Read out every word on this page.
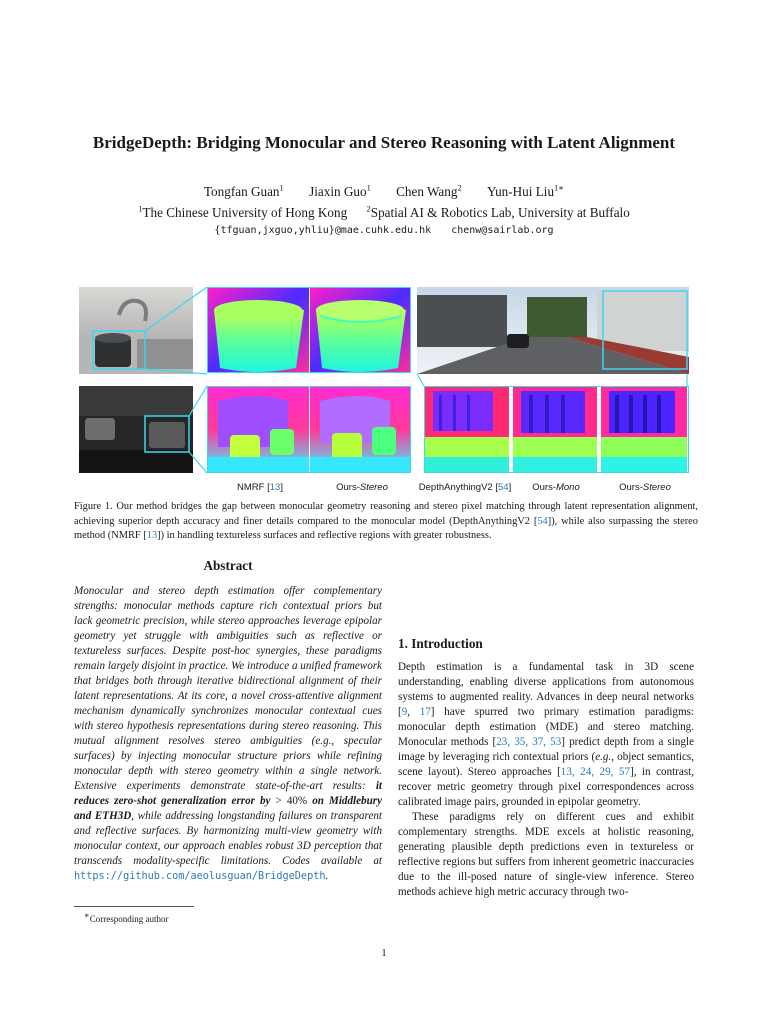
BridgeDepth: Bridging Monocular and Stereo Reasoning with Latent Alignment
Tongfan Guan$^1$ Jiaxin Guo$^1$ Chen Wang$^2$ Yun-Hui Liu$^{1∗}$
$^1$The Chinese University of Hong Kong $^2$Spatial AI & Robotics Lab, University at Buffalo
{tfguan,jxguo,yhliu}@mae.cuhk.edu.hk chenw@sairlab.org
NMRF [13]	Ours-Stereo	DepthAnythingV2 [54]	Ours-Mono	Ours-Stereo
Figure 1. Our method bridges the gap between monocular geometry reasoning and stereo pixel matching through latent representation alignment, achieving superior depth accuracy and finer details compared to the monocular model (DepthAnythingV2 [54]), while also surpassing the stereo method (NMRF [13]) in handling textureless surfaces and reflective regions with greater robustness.
Abstract
Monocular and stereo depth estimation offer complementary strengths: monocular methods capture rich contextual priors but lack geometric precision, while stereo approaches leverage epipolar geometry yet struggle with ambiguities such as reflective or textureless surfaces. Despite post-hoc synergies, these paradigms remain largely disjoint in practice. We introduce a unified framework that bridges both through iterative bidirectional alignment of their latent representations. At its core, a novel cross-attentive alignment mechanism dynamically synchronizes monocular contextual cues with stereo hypothesis representations during stereo reasoning. This mutual alignment resolves stereo ambiguities (e.g., specular surfaces) by injecting monocular structure priors while refining monocular depth with stereo geometry within a single network. Extensive experiments demonstrate state-of-the-art results: it reduces zero-shot generalization error by > 40% on Middlebury and ETH3D, while addressing longstanding failures on transparent and reflective surfaces. By harmonizing multi-view geometry with monocular context, our approach enables robust 3D perception that transcends modality-specific limitations. Codes available at https://github.com/aeolusguan/BridgeDepth.
1. Introduction

Depth estimation is a fundamental task in 3D scene understanding, enabling diverse applications from autonomous systems to augmented reality. Advances in deep neural networks [9, 17] have spurred two primary estimation paradigms: monocular depth estimation (MDE) and stereo matching. Monocular methods [23, 35, 37, 53] predict depth from a single image by leveraging rich contextual priors (e.g., object semantics, scene layout). Stereo approaches [13, 24, 29, 57], in contrast, recover metric geometry through pixel correspondences across calibrated image pairs, grounded in epipolar geometry.

These paradigms rely on different cues and exhibit complementary strengths. MDE excels at holistic reasoning, generating plausible depth predictions even in textureless or reflective regions but suffers from inherent geometric inaccuracies due to the ill-posed nature of single-view inference. Stereo methods achieve high metric accuracy through two-

∗Corresponding author
1
